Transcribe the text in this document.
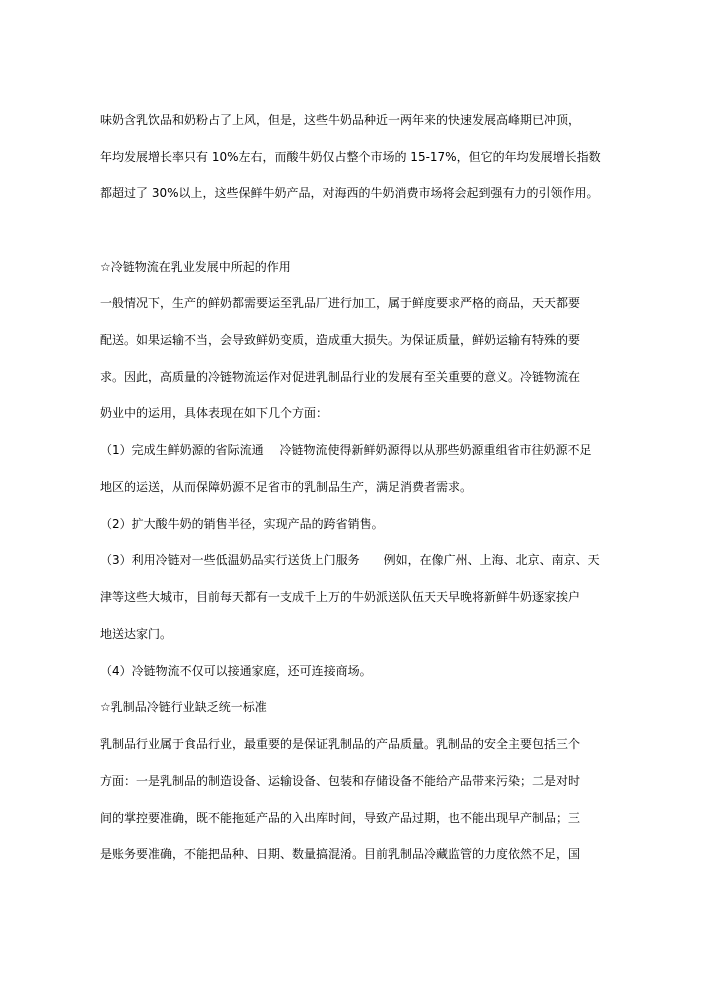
味奶含乳饮品和奶粉占了上风，但是，这些牛奶品种近一两年来的快速发展高峰期已冲顶，
年均发展增长率只有 10%左右，而酸牛奶仅占整个市场的 15-17%，但它的年均发展增长指数
都超过了 30%以上，这些保鲜牛奶产品，对海西的牛奶消费市场将会起到强有力的引领作用。
☆冷链物流在乳业发展中所起的作用
一般情况下，生产的鲜奶都需要运至乳品厂进行加工，属于鲜度要求严格的商品，天天都要
配送。如果运输不当，会导致鲜奶变质，造成重大损失。为保证质量，鲜奶运输有特殊的要
求。因此，高质量的冷链物流运作对促进乳制品行业的发展有至关重要的意义。冷链物流在
奶业中的运用，具体表现在如下几个方面：
（1）完成生鲜奶源的省际流通　 冷链物流使得新鲜奶源得以从那些奶源重组省市往奶源不足
地区的运送，从而保障奶源不足省市的乳制品生产，满足消费者需求。
（2）扩大酸牛奶的销售半径，实现产品的跨省销售。
（3）利用冷链对一些低温奶品实行送货上门服务　　例如，在像广州、上海、北京、南京、天
津等这些大城市，目前每天都有一支成千上万的牛奶派送队伍天天早晚将新鲜牛奶逐家挨户
地送达家门。
（4）冷链物流不仅可以接通家庭，还可连接商场。
☆乳制品冷链行业缺乏统一标准
乳制品行业属于食品行业，最重要的是保证乳制品的产品质量。乳制品的安全主要包括三个
方面：一是乳制品的制造设备、运输设备、包装和存储设备不能给产品带来污染；二是对时
间的掌控要准确，既不能拖延产品的入出库时间，导致产品过期，也不能出现早产制品；三
是账务要准确，不能把品种、日期、数量搞混淆。目前乳制品冷藏监管的力度依然不足，国
